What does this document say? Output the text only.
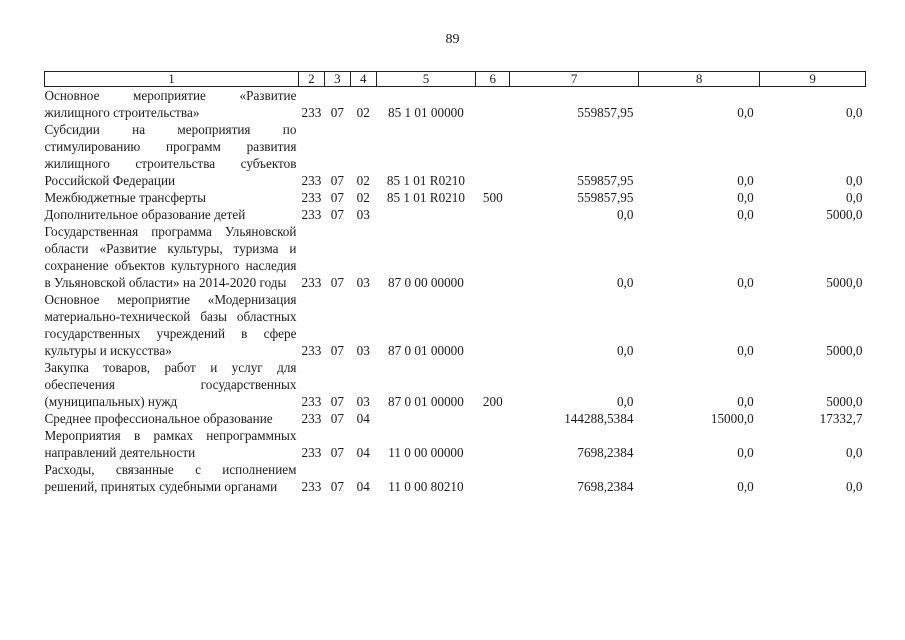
89
1	2	3	4	5	6	7	8	9
Основное мероприятие «Развитие жилищного строительства»	233	07	02	85 1 01 00000		559857,95	0,0	0,0
Субсидии на мероприятия по стимулированию программ развития жилищного строительства субъектов Российской Федерации	233	07	02	85 1 01 R0210		559857,95	0,0	0,0
Межбюджетные трансферты	233	07	02	85 1 01 R0210	500	559857,95	0,0	0,0
Дополнительное образование детей	233	07	03			0,0	0,0	5000,0
Государственная программа Ульяновской области «Развитие культуры, туризма и сохранение объектов культурного наследия в Ульяновской области» на 2014-2020 годы	233	07	03	87 0 00 00000		0,0	0,0	5000,0
Основное мероприятие «Модернизация материально-технической базы областных государственных учреждений в сфере культуры и искусства»	233	07	03	87 0 01 00000		0,0	0,0	5000,0
Закупка товаров, работ и услуг для обеспечения государственных (муниципальных) нужд	233	07	03	87 0 01 00000	200	0,0	0,0	5000,0
Среднее профессиональное образование	233	07	04			144288,5384	15000,0	17332,7
Мероприятия в рамках непрограммных направлений деятельности	233	07	04	11 0 00 00000		7698,2384	0,0	0,0
Расходы, связанные с исполнением решений, принятых судебными органами	233	07	04	11 0 00 80210		7698,2384	0,0	0,0
